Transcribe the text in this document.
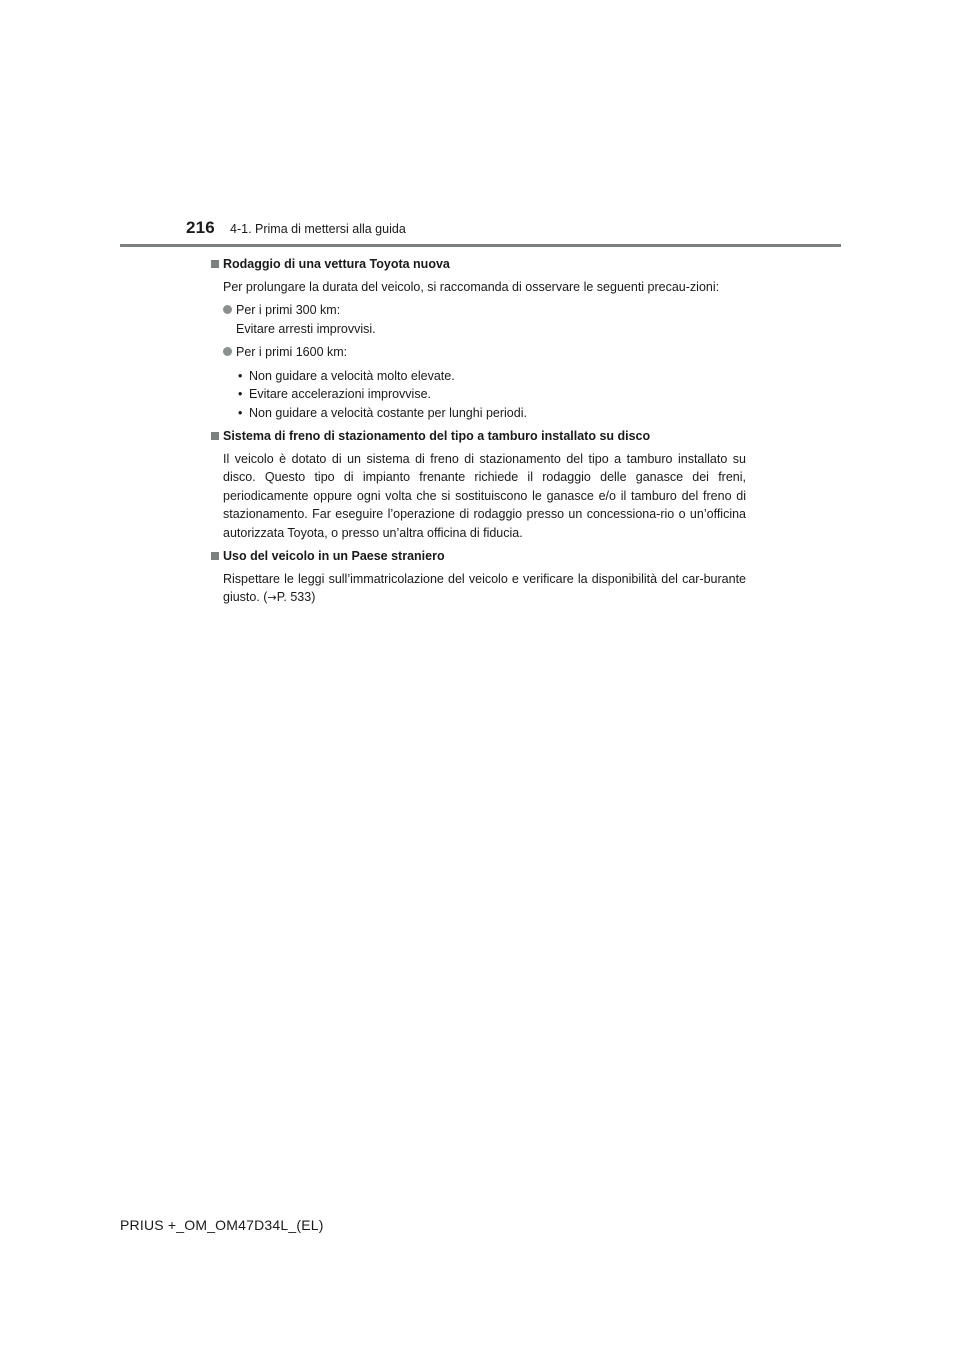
216 4-1. Prima di mettersi alla guida

Rodaggio di una vettura Toyota nuova

Per prolungare la durata del veicolo, si raccomanda di osservare le seguenti precau-zioni:

Per i primi 300 km:
Evitare arresti improvvisi.
Per i primi 1600 km:
• Non guidare a velocità molto elevate.
• Evitare accelerazioni improvvise.
• Non guidare a velocità costante per lunghi periodi.

Sistema di freno di stazionamento del tipo a tamburo installato su disco

Il veicolo è dotato di un sistema di freno di stazionamento del tipo a tamburo installato su disco. Questo tipo di impianto frenante richiede il rodaggio delle ganasce dei freni, periodicamente oppure ogni volta che si sostituiscono le ganasce e/o il tamburo del freno di stazionamento. Far eseguire l’operazione di rodaggio presso un concessiona-rio o un’officina autorizzata Toyota, o presso un’altra officina di fiducia.

Uso del veicolo in un Paese straniero

Rispettare le leggi sull’immatricolazione del veicolo e verificare la disponibilità del car-burante giusto. (→P. 533)

PRIUS +_OM_OM47D34L_(EL)
